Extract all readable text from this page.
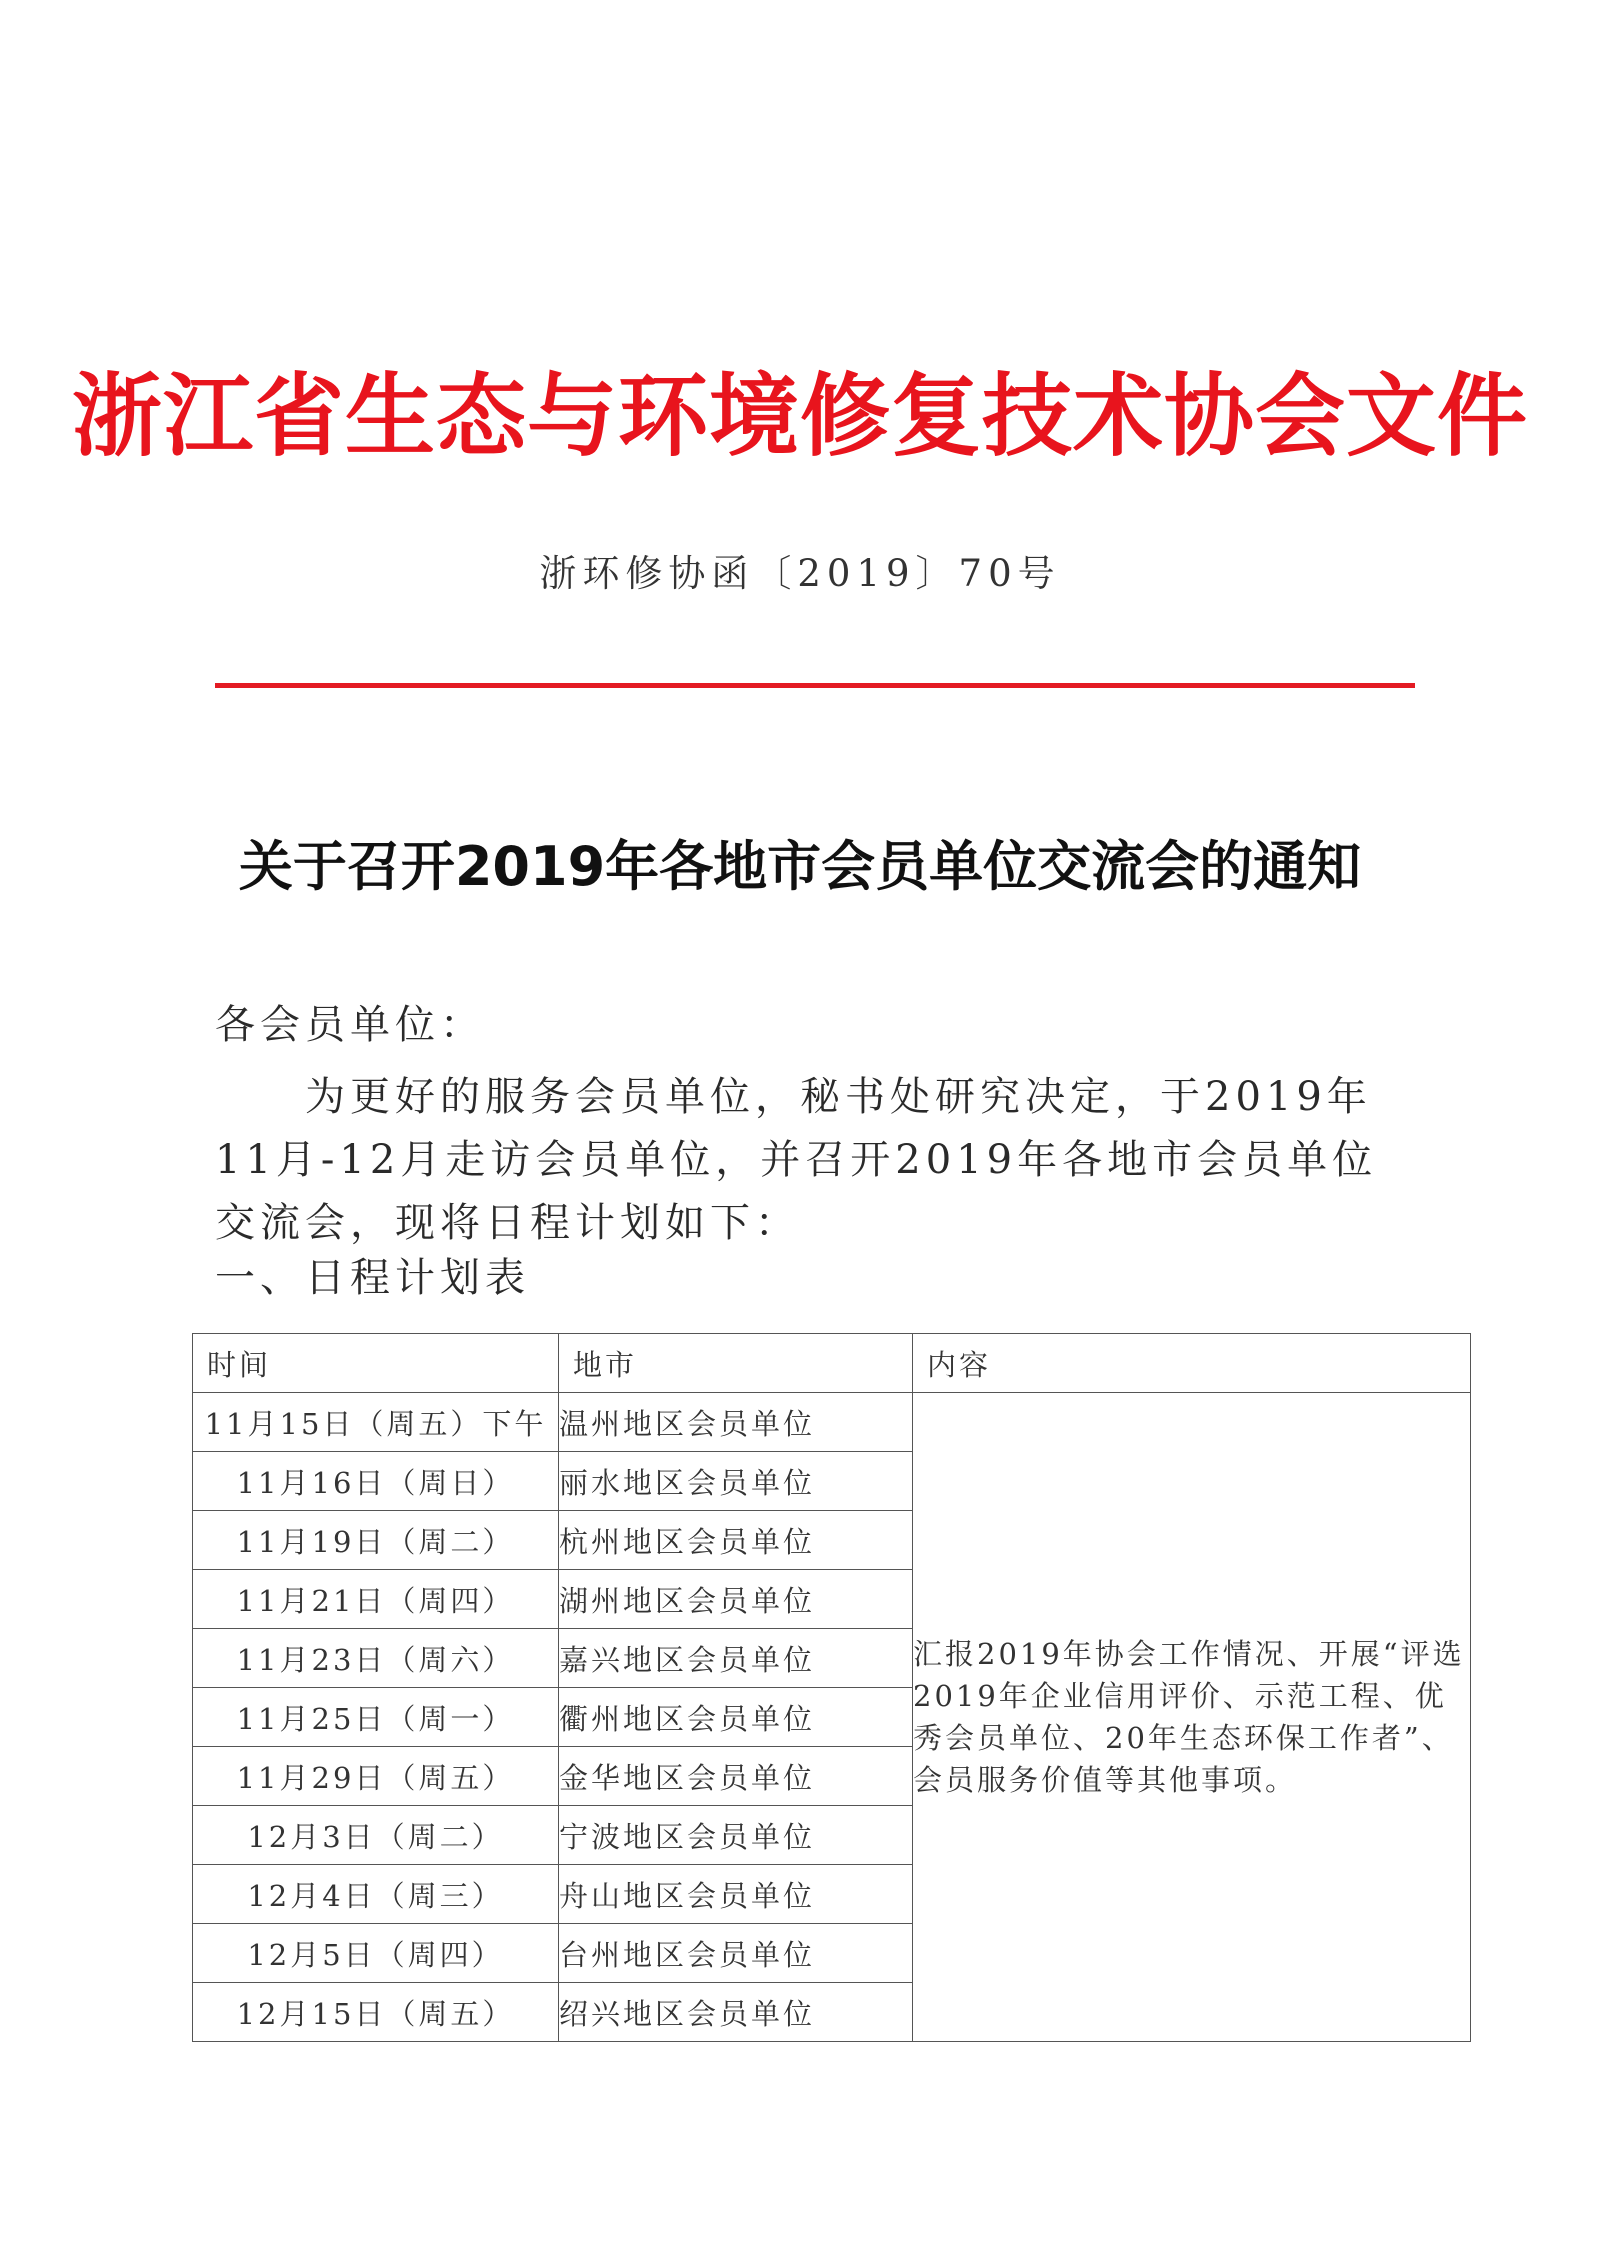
浙江省生态与环境修复技术协会文件
浙环修协函〔2019〕70号
关于召开2019年各地市会员单位交流会的通知
各会员单位：

为更好的服务会员单位，秘书处研究决定，于2019年11月-12月走访会员单位，并召开2019年各地市会员单位交流会，现将日程计划如下：

一、日程计划表
时间	地市	内容
11月15日（周五）下午	温州地区会员单位	汇报2019年协会工作情况、开展“评选2019年企业信用评价、示范工程、优秀会员单位、20年生态环保工作者”、会员服务价值等其他事项。
11月16日（周日）	丽水地区会员单位	
11月19日（周二）	杭州地区会员单位	
11月21日（周四）	湖州地区会员单位	
11月23日（周六）	嘉兴地区会员单位	
11月25日（周一）	衢州地区会员单位	
11月29日（周五）	金华地区会员单位	
12月3日（周二）	宁波地区会员单位	
12月4日（周三）	舟山地区会员单位	
12月5日（周四）	台州地区会员单位	
12月15日（周五）	绍兴地区会员单位	
